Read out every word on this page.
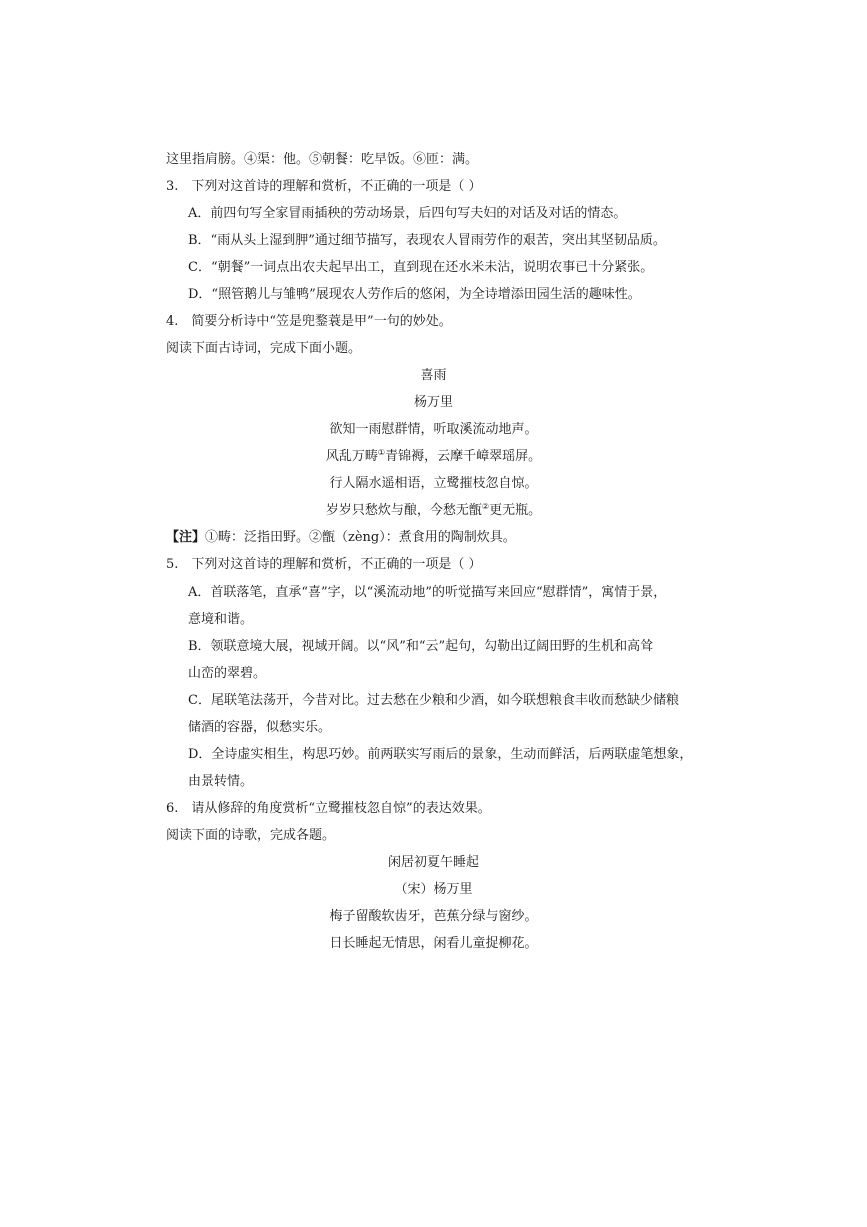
这里指肩膀。④渠：他。⑤朝餐：吃早饭。⑥匝：满。
3.　下列对这首诗的理解和赏析，不正确的一项是（ ）
A．前四句写全家冒雨插秧的劳动场景，后四句写夫妇的对话及对话的情态。
B．“雨从头上湿到胛”通过细节描写，表现农人冒雨劳作的艰苦，突出其坚韧品质。
C．“朝餐”一词点出农夫起早出工，直到现在还水米未沾，说明农事已十分紧张。
D．“照管鹅儿与雏鸭”展现农人劳作后的悠闲，为全诗增添田园生活的趣味性。
4.　简要分析诗中“笠是兜鍪蓑是甲”一句的妙处。
阅读下面古诗词，完成下面小题。
喜雨
杨万里
欲知一雨慰群情，听取溪流动地声。
风乱万畴①青锦褥，云摩千嶂翠瑶屏。
行人隔水遥相语，立鹭摧枝忽自惊。
岁岁只愁炊与酿，今愁无甑②更无瓶。
【注】①畴：泛指田野。②甑（zèng）：煮食用的陶制炊具。
5.　下列对这首诗的理解和赏析，不正确的一项是（ ）
A．首联落笔，直承“喜”字，以“溪流动地”的听觉描写来回应“慰群情”，寓情于景，
意境和谐。
B．领联意境大展，视域开阔。以“风”和“云”起句，勾勒出辽阔田野的生机和高耸
山峦的翠碧。
C．尾联笔法荡开，今昔对比。过去愁在少粮和少酒，如今联想粮食丰收而愁缺少储粮
储酒的容器，似愁实乐。
D．全诗虚实相生，构思巧妙。前两联实写雨后的景象，生动而鲜活，后两联虚笔想象，
由景转情。
6.　请从修辞的角度赏析“立鹭摧枝忽自惊”的表达效果。
阅读下面的诗歌，完成各题。
闲居初夏午睡起
（宋）杨万里
梅子留酸软齿牙，芭蕉分绿与窗纱。
日长睡起无情思，闲看儿童捉柳花。
